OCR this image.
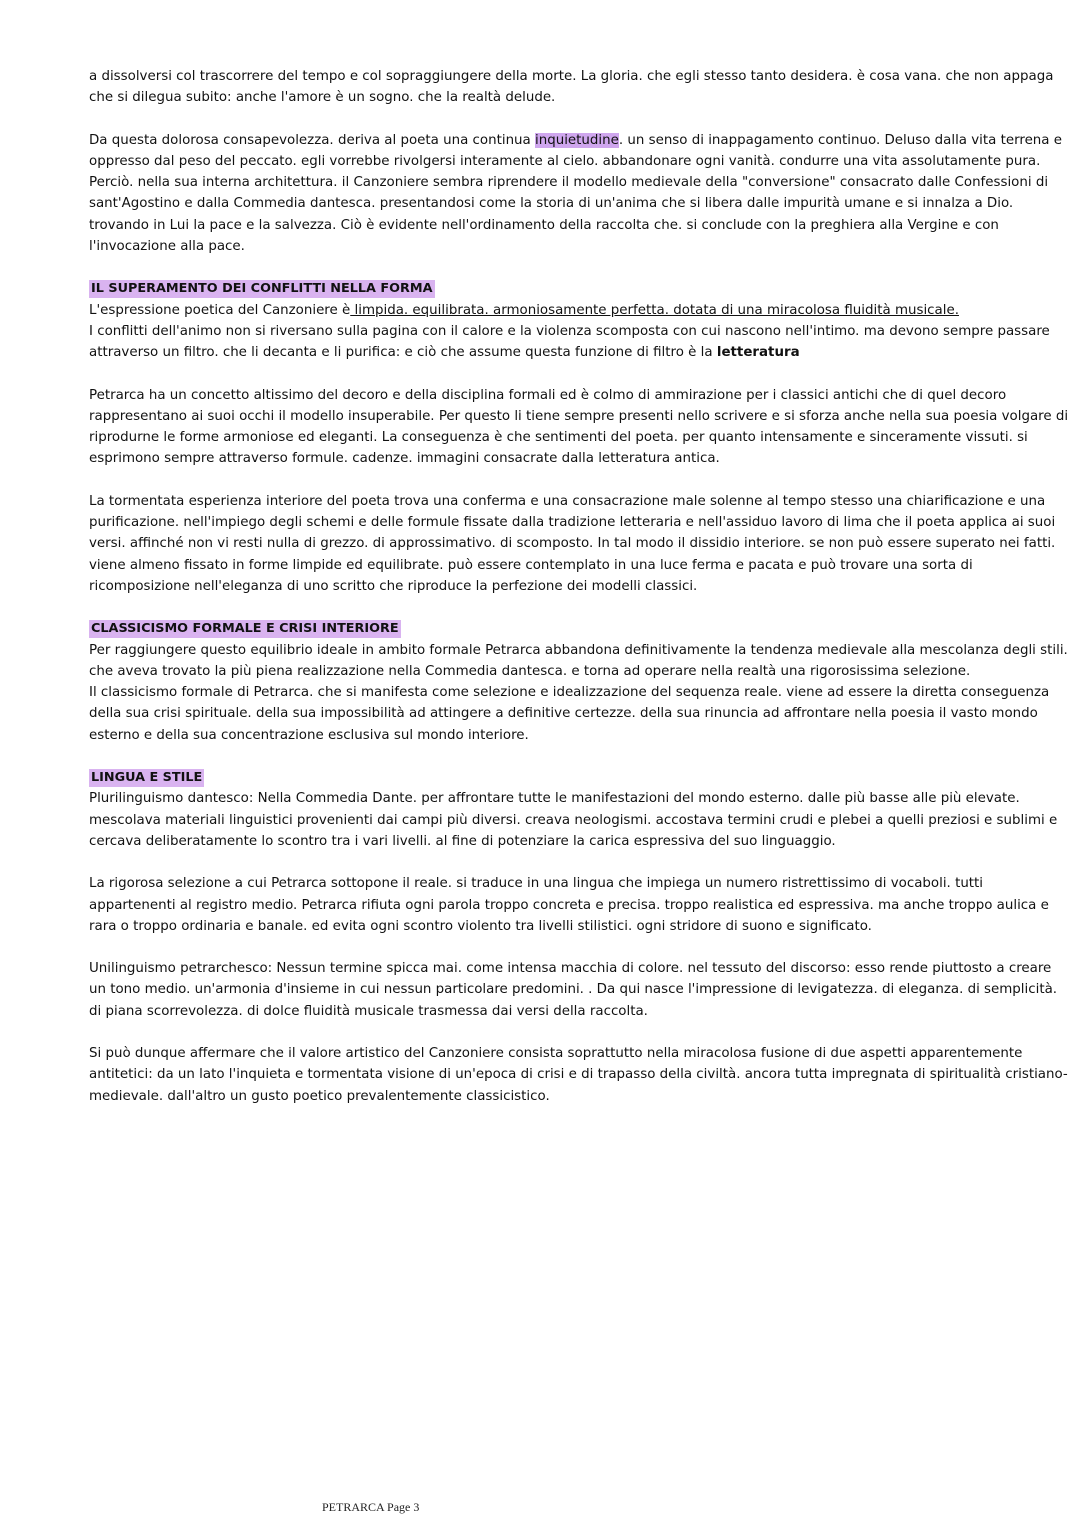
a dissolversi col trascorrere del tempo e col sopraggiungere della morte. La gloria. che egli stesso tanto desidera. è cosa vana. che non appaga che si dilegua subito: anche l'amore è un sogno. che la realtà delude.

Da questa dolorosa consapevolezza. deriva al poeta una continua inquietudine. un senso di inappagamento continuo. Deluso dalla vita terrena e oppresso dal peso del peccato. egli vorrebbe rivolgersi interamente al cielo. abbandonare ogni vanità. condurre una vita assolutamente pura. Perciò. nella sua interna architettura. il Canzoniere sembra riprendere il modello medievale della "conversione" consacrato dalle Confessioni di sant'Agostino e dalla Commedia dantesca. presentandosi come la storia di un'anima che si libera dalle impurità umane e si innalza a Dio. trovando in Lui la pace e la salvezza. Ciò è evidente nell'ordinamento della raccolta che. si conclude con la preghiera alla Vergine e con l'invocazione alla pace.

IL SUPERAMENTO DEI CONFLITTI NELLA FORMA

L'espressione poetica del Canzoniere è limpida. equilibrata. armoniosamente perfetta. dotata di una miracolosa fluidità musicale.
I conflitti dell'animo non si riversano sulla pagina con il calore e la violenza scomposta con cui nascono nell'intimo. ma devono sempre passare attraverso un filtro. che li decanta e li purifica: e ciò che assume questa funzione di filtro è la letteratura

Petrarca ha un concetto altissimo del decoro e della disciplina formali ed è colmo di ammirazione per i classici antichi che di quel decoro rappresentano ai suoi occhi il modello insuperabile. Per questo li tiene sempre presenti nello scrivere e si sforza anche nella sua poesia volgare di riprodurne le forme armoniose ed eleganti. La conseguenza è che sentimenti del poeta. per quanto intensamente e sinceramente vissuti. si esprimono sempre attraverso formule. cadenze. immagini consacrate dalla letteratura antica.

La tormentata esperienza interiore del poeta trova una conferma e una consacrazione male solenne al tempo stesso una chiarificazione e una purificazione. nell'impiego degli schemi e delle formule fissate dalla tradizione letteraria e nell'assiduo lavoro di lima che il poeta applica ai suoi versi. affinché non vi resti nulla di grezzo. di approssimativo. di scomposto. In tal modo il dissidio interiore. se non può essere superato nei fatti. viene almeno fissato in forme limpide ed equilibrate. può essere contemplato in una luce ferma e pacata e può trovare una sorta di ricomposizione nell'eleganza di uno scritto che riproduce la perfezione dei modelli classici.

CLASSICISMO FORMALE E CRISI INTERIORE

Per raggiungere questo equilibrio ideale in ambito formale Petrarca abbandona definitivamente la tendenza medievale alla mescolanza degli stili. che aveva trovato la più piena realizzazione nella Commedia dantesca. e torna ad operare nella realtà una rigorosissima selezione.
Il classicismo formale di Petrarca. che si manifesta come selezione e idealizzazione del sequenza reale. viene ad essere la diretta conseguenza della sua crisi spirituale. della sua impossibilità ad attingere a definitive certezze. della sua rinuncia ad affrontare nella poesia il vasto mondo esterno e della sua concentrazione esclusiva sul mondo interiore.

LINGUA E STILE

Plurilinguismo dantesco: Nella Commedia Dante. per affrontare tutte le manifestazioni del mondo esterno. dalle più basse alle più elevate. mescolava materiali linguistici provenienti dai campi più diversi. creava neologismi. accostava termini crudi e plebei a quelli preziosi e sublimi e cercava deliberatamente lo scontro tra i vari livelli. al fine di potenziare la carica espressiva del suo linguaggio.

La rigorosa selezione a cui Petrarca sottopone il reale. si traduce in una lingua che impiega un numero ristrettissimo di vocaboli. tutti appartenenti al registro medio. Petrarca rifiuta ogni parola troppo concreta e precisa. troppo realistica ed espressiva. ma anche troppo aulica e rara o troppo ordinaria e banale. ed evita ogni scontro violento tra livelli stilistici. ogni stridore di suono e significato.

Unilinguismo petrarchesco: Nessun termine spicca mai. come intensa macchia di colore. nel tessuto del discorso: esso rende piuttosto a creare un tono medio. un'armonia d'insieme in cui nessun particolare predomini. . Da qui nasce l'impressione di levigatezza. di eleganza. di semplicità. di piana scorrevolezza. di dolce fluidità musicale trasmessa dai versi della raccolta.

Si può dunque affermare che il valore artistico del Canzoniere consista soprattutto nella miracolosa fusione di due aspetti apparentemente antitetici: da un lato l'inquieta e tormentata visione di un'epoca di crisi e di trapasso della civiltà. ancora tutta impregnata di spiritualità cristiano-medievale. dall'altro un gusto poetico prevalentemente classicistico.

PETRARCA Page 3
